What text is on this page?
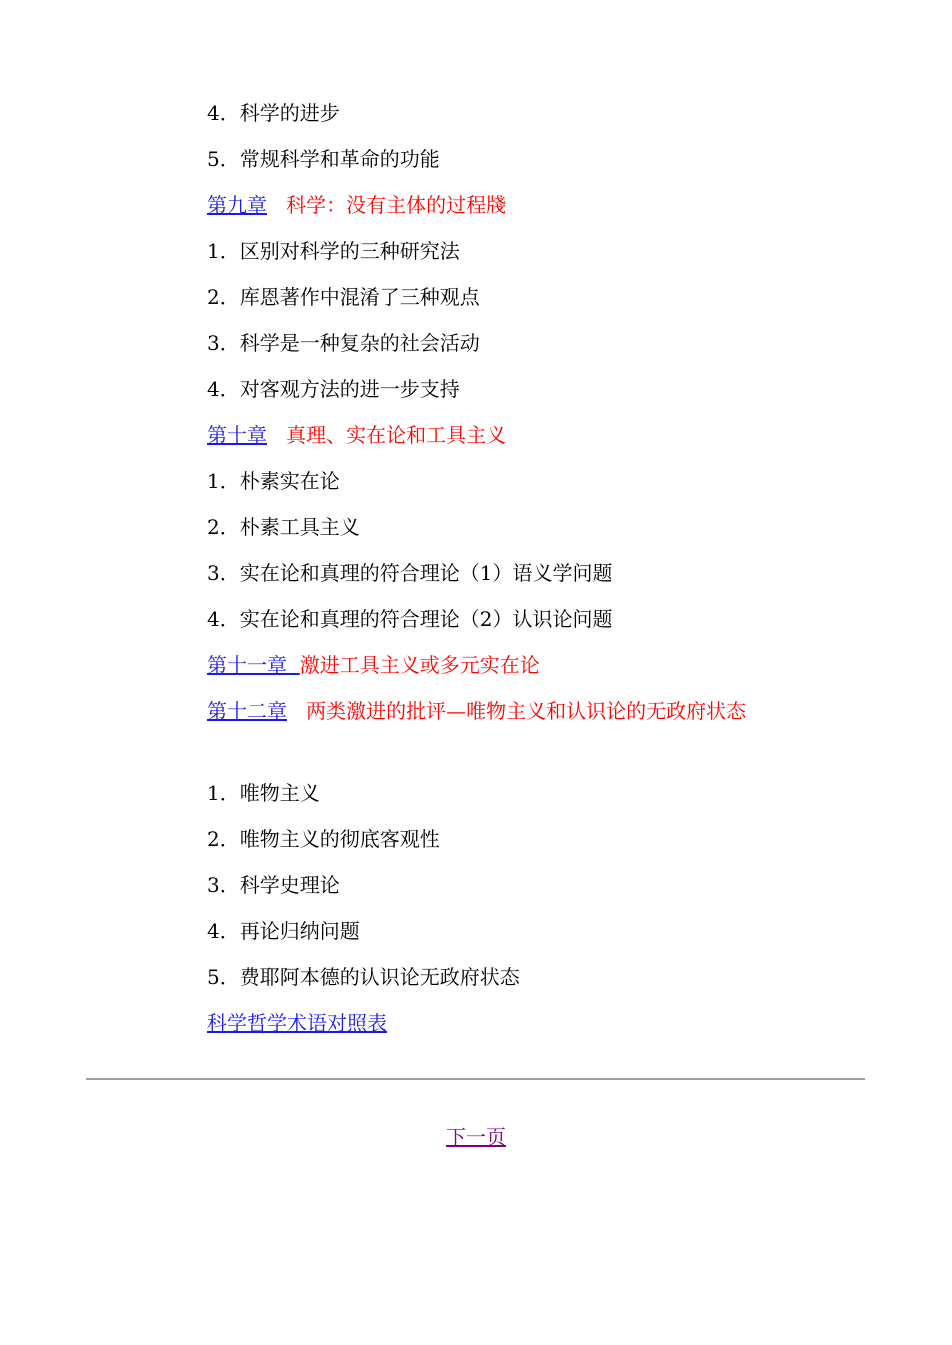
4．科学的进步
5．常规科学和革命的功能
第九章 科学：没有主体的过程牋
1．区别对科学的三种研究法
2．库恩著作中混淆了三种观点
3．科学是一种复杂的社会活动
4．对客观方法的进一步支持
第十章 真理、实在论和工具主义
1．朴素实在论
2．朴素工具主义
3．实在论和真理的符合理论（1）语义学问题
4．实在论和真理的符合理论（2）认识论问题
第十一章  激进工具主义或多元实在论
第十二章 两类激进的批评—唯物主义和认识论的无政府状态
1．唯物主义
2．唯物主义的彻底客观性
3．科学史理论
4．再论归纳问题
5．费耶阿本德的认识论无政府状态
科学哲学术语对照表
下一页
